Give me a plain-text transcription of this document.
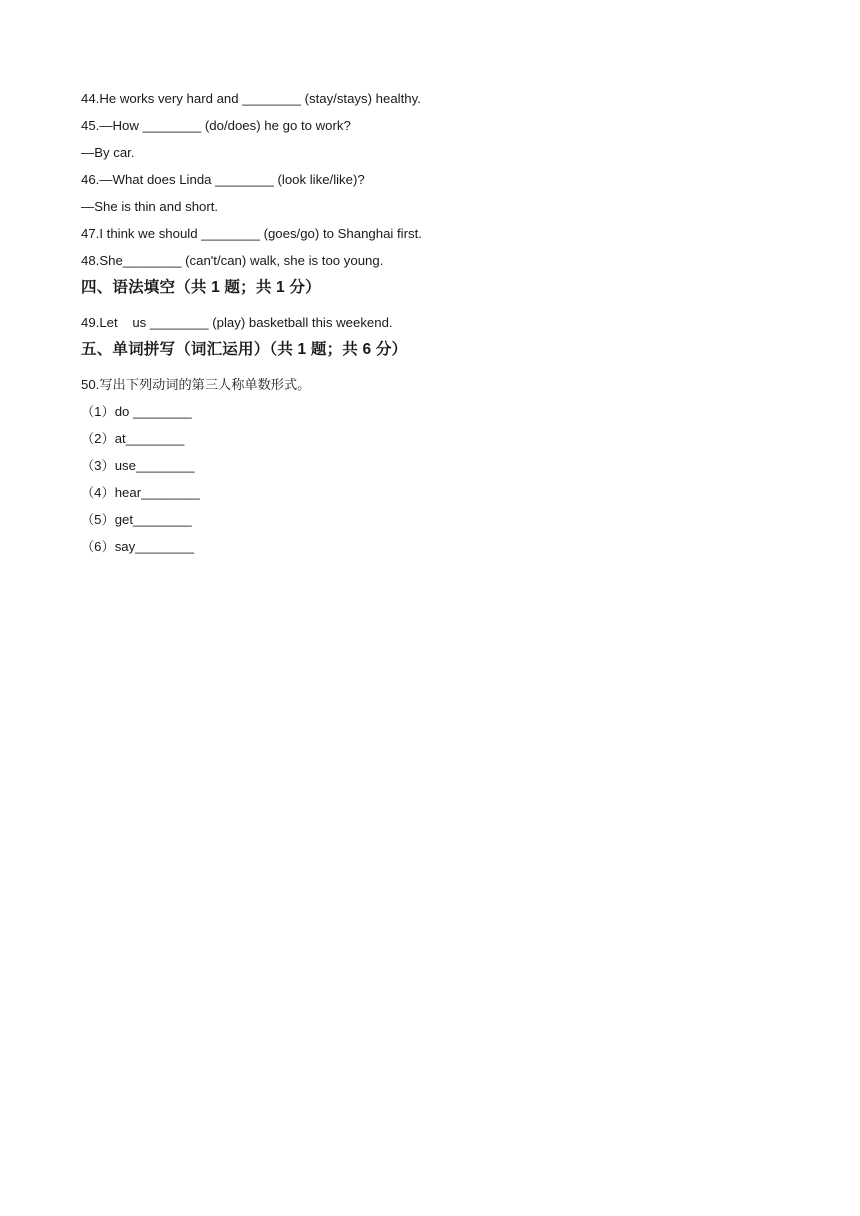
44.He works very hard and ________ (stay/stays) healthy.
45.—How ________ (do/does) he go to work?
—By car.
46.—What does Linda ________ (look like/like)?
—She is thin and short.
47.I think we should ________ (goes/go) to Shanghai first.
48.She________ (can't/can) walk, she is too young.
四、语法填空（共 1 题；共 1 分）
49.Let    us ________ (play) basketball this weekend.
五、单词拼写（词汇运用）（共 1 题；共 6 分）
50.写出下列动词的第三人称单数形式。
（1）do ________
（2）at________
（3）use________
（4）hear________
（5）get________
（6）say________
